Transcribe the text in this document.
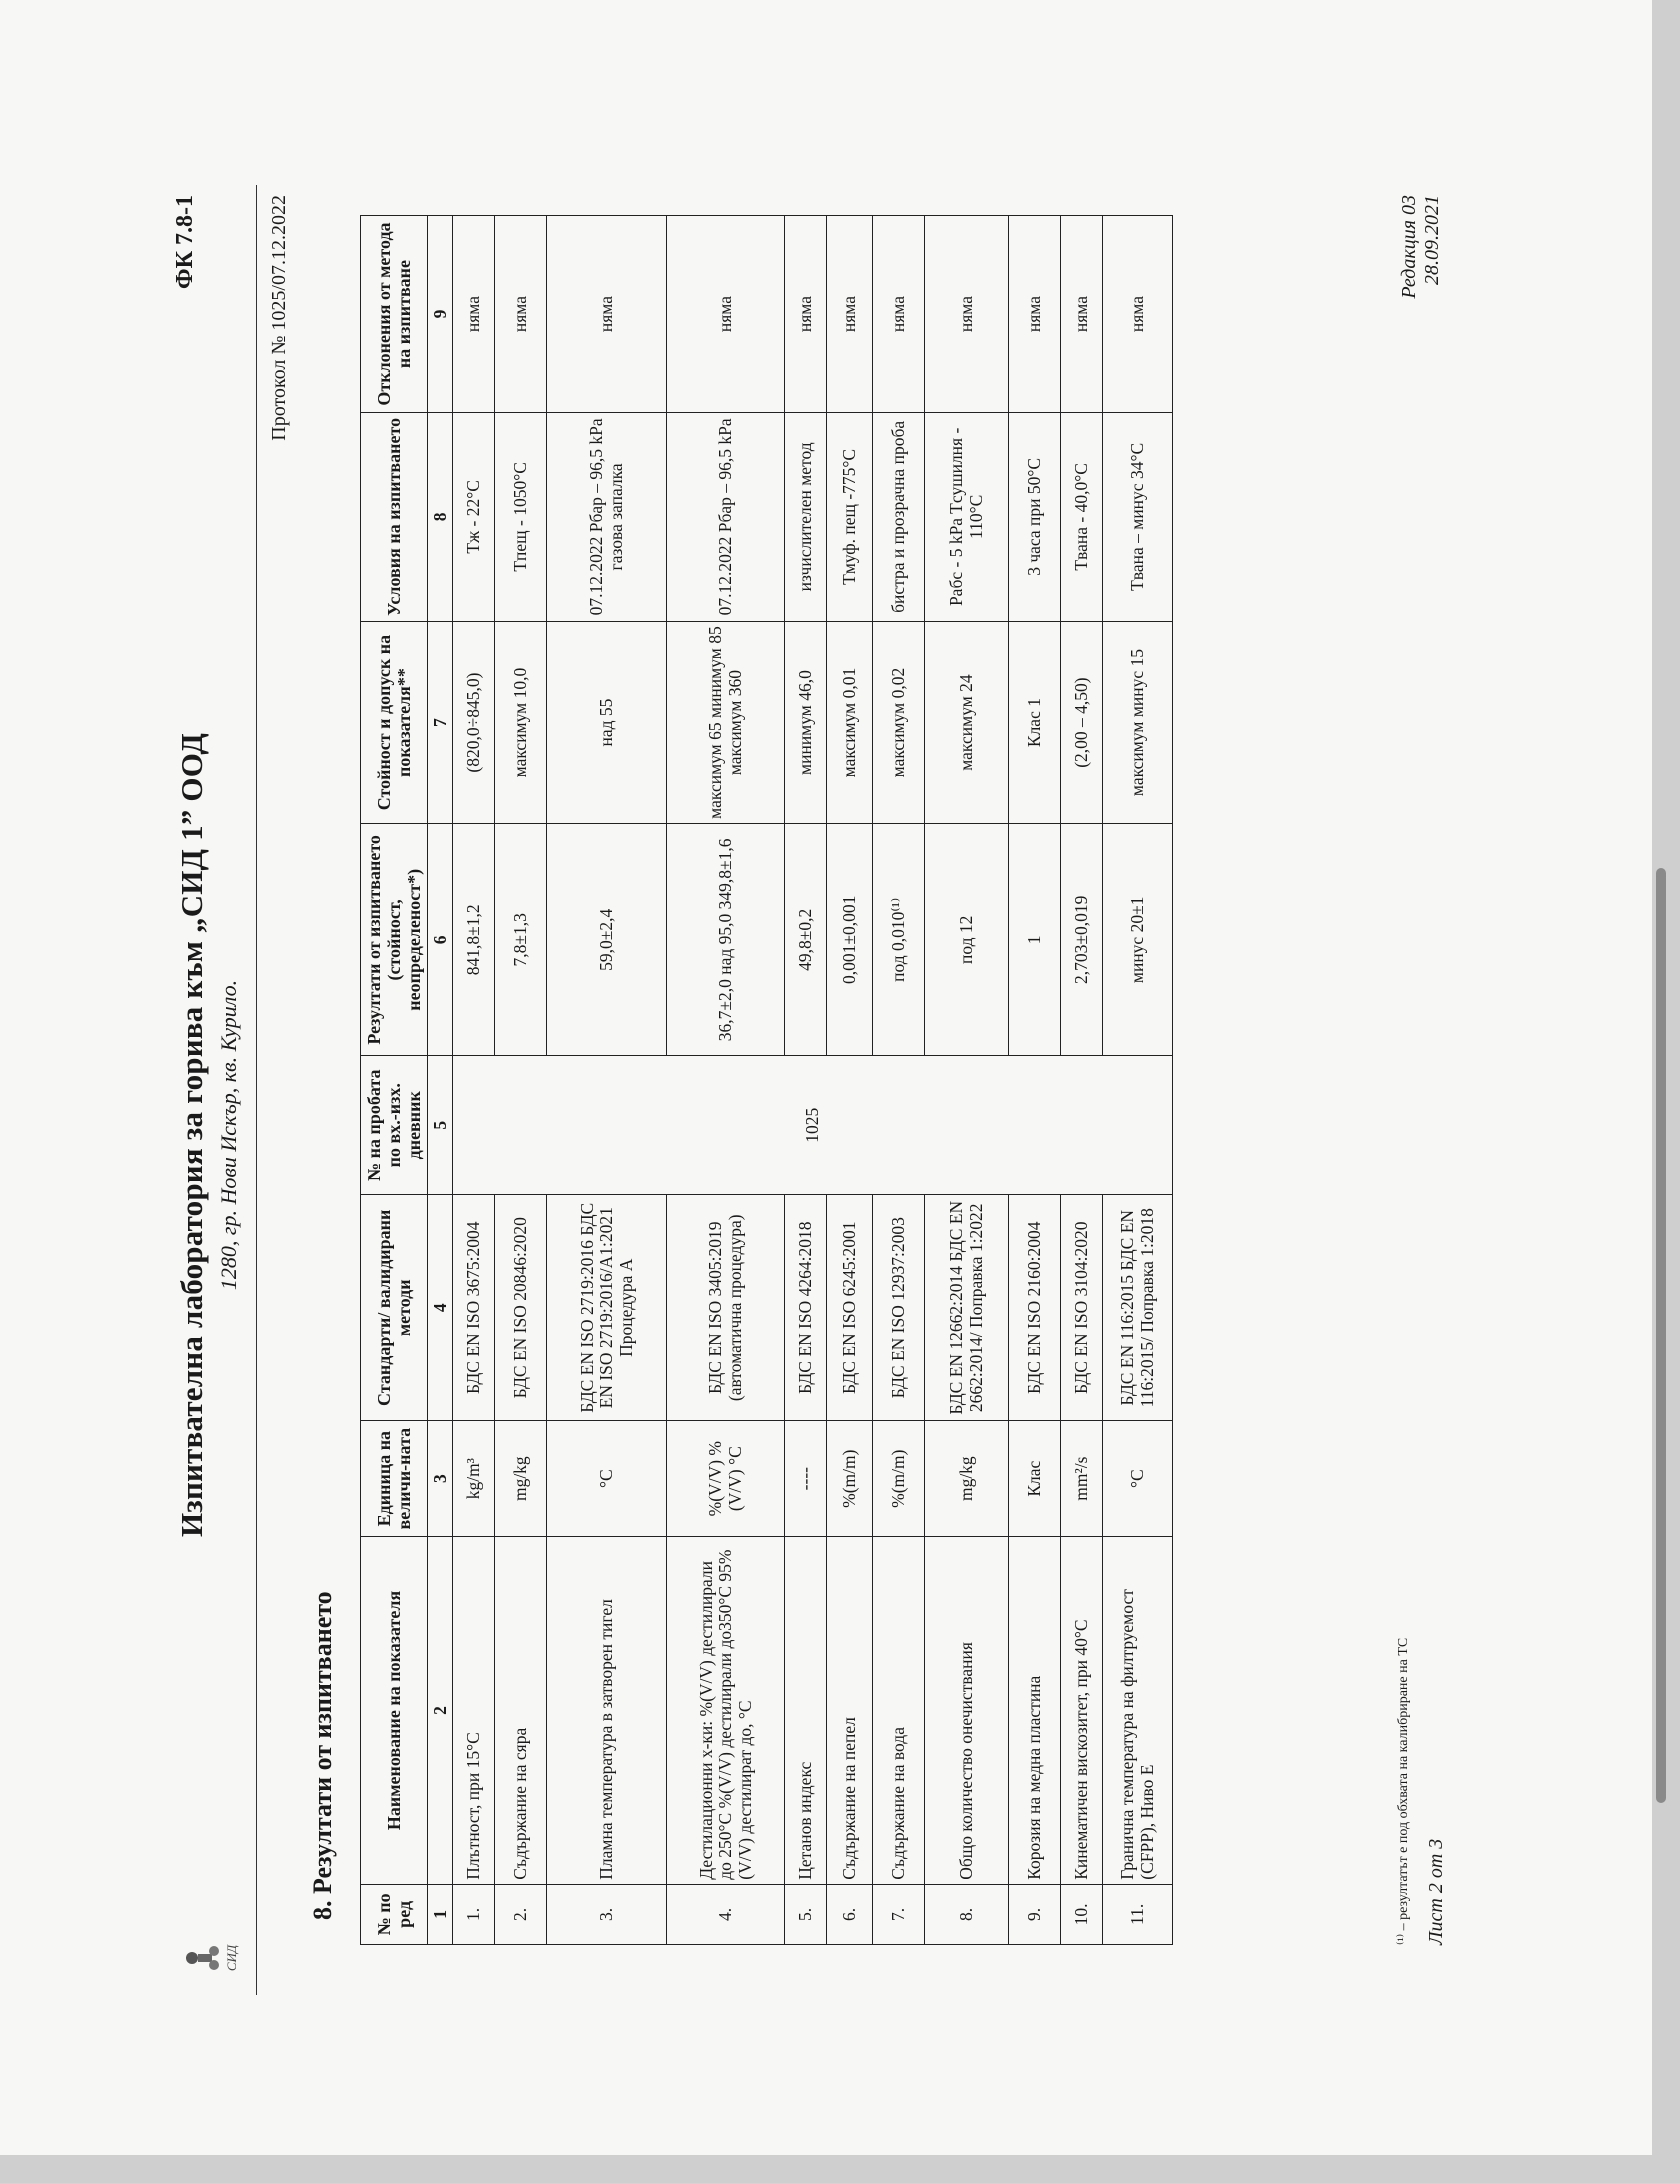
СИД
Изпитвателна лаборатория за горива към „СИД 1” ООД 1280, гр. Нови Искър, кв. Курило.
ФК 7.8-1	Протокол № 1025/07.12.2022
8. Резултати от изпитването № по ред	Наименование на показателя	Единица на величи-ната	Стандарти/ валидирани методи	№ на пробата по вх.-изх. дневник	Резултати от изпитването (стойност, неопределеност*)	Стойност и допуск на показателя**	Условия на изпитването	Отклонения от метода на изпитване
1	2	3	4	5	6	7	8	9
1.	Плътност, при 15°С	kg/m³	БДС EN ISO 3675:2004	1025	841,8±1,2	(820,0÷845,0)	Tж - 22°C	няма
2.	Съдържание на сяра	mg/kg	БДС EN ISO 20846:2020		7,8±1,3	максимум 10,0	Tпещ - 1050°C	няма
3.	Пламна температура в затворен тигел	°С	БДС EN ISO 2719:2016 БДС EN ISO 2719:2016/A1:2021 Процедура А		59,0±2,4	над 55	07.12.2022 Pбар – 96,5 kPa газова запалка	няма
4.	Дестилационни х-ки: %(V/V) дестилирали до 250°С %(V/V) дестилирали до350°С 95%(V/V) дестилират до, °С	%(V/V) %(V/V) °С	БДС EN ISO 3405:2019 (автоматична процедура)		36,7±2,0 над 95,0 349,8±1,6	максимум 65 минимум 85 максимум 360	07.12.2022 Pбар – 96,5 kPa	няма
5.	Цетанов индекс	----	БДС EN ISO 4264:2018		49,8±0,2	минимум 46,0	изчислителен метод	няма
6.	Съдържание на пепел	%(m/m)	БДС EN ISO 6245:2001		0,001±0,001	максимум 0,01	Tмуф. пещ -775°C	няма
7.	Съдържание на вода	%(m/m)	БДС EN ISO 12937:2003		под 0,010⁽¹⁾	максимум 0,02	бистра и прозрачна проба	няма
8.	Общо количество онечиствания	mg/kg	БДС EN 12662:2014 БДС EN 2662:2014/ Поправка 1:2022		под 12	максимум 24	Pабс - 5 kPa Tсушилня - 110°C	няма
9.	Корозия на медна пластина	Клас	БДС EN ISO 2160:2004		1	Клас 1	3 часа при 50°С	няма
10.	Кинематичен вискозитет, при 40°С	mm²/s	БДС EN ISO 3104:2020		2,703±0,019	(2,00 – 4,50)	Tвана - 40,0°С	няма
11.	Гранична температура на филтруемост (CFPP), Ниво Е	°С	БДС EN 116:2015 БДС EN 116:2015/ Поправка 1:2018		минус 20±1	максимум минус 15	Tвана – минус 34°С	няма
⁽¹⁾ – резултатът е под обхвата на калибриране на ТС Лист 2 от 3
Редакция 03 28.09.2021
